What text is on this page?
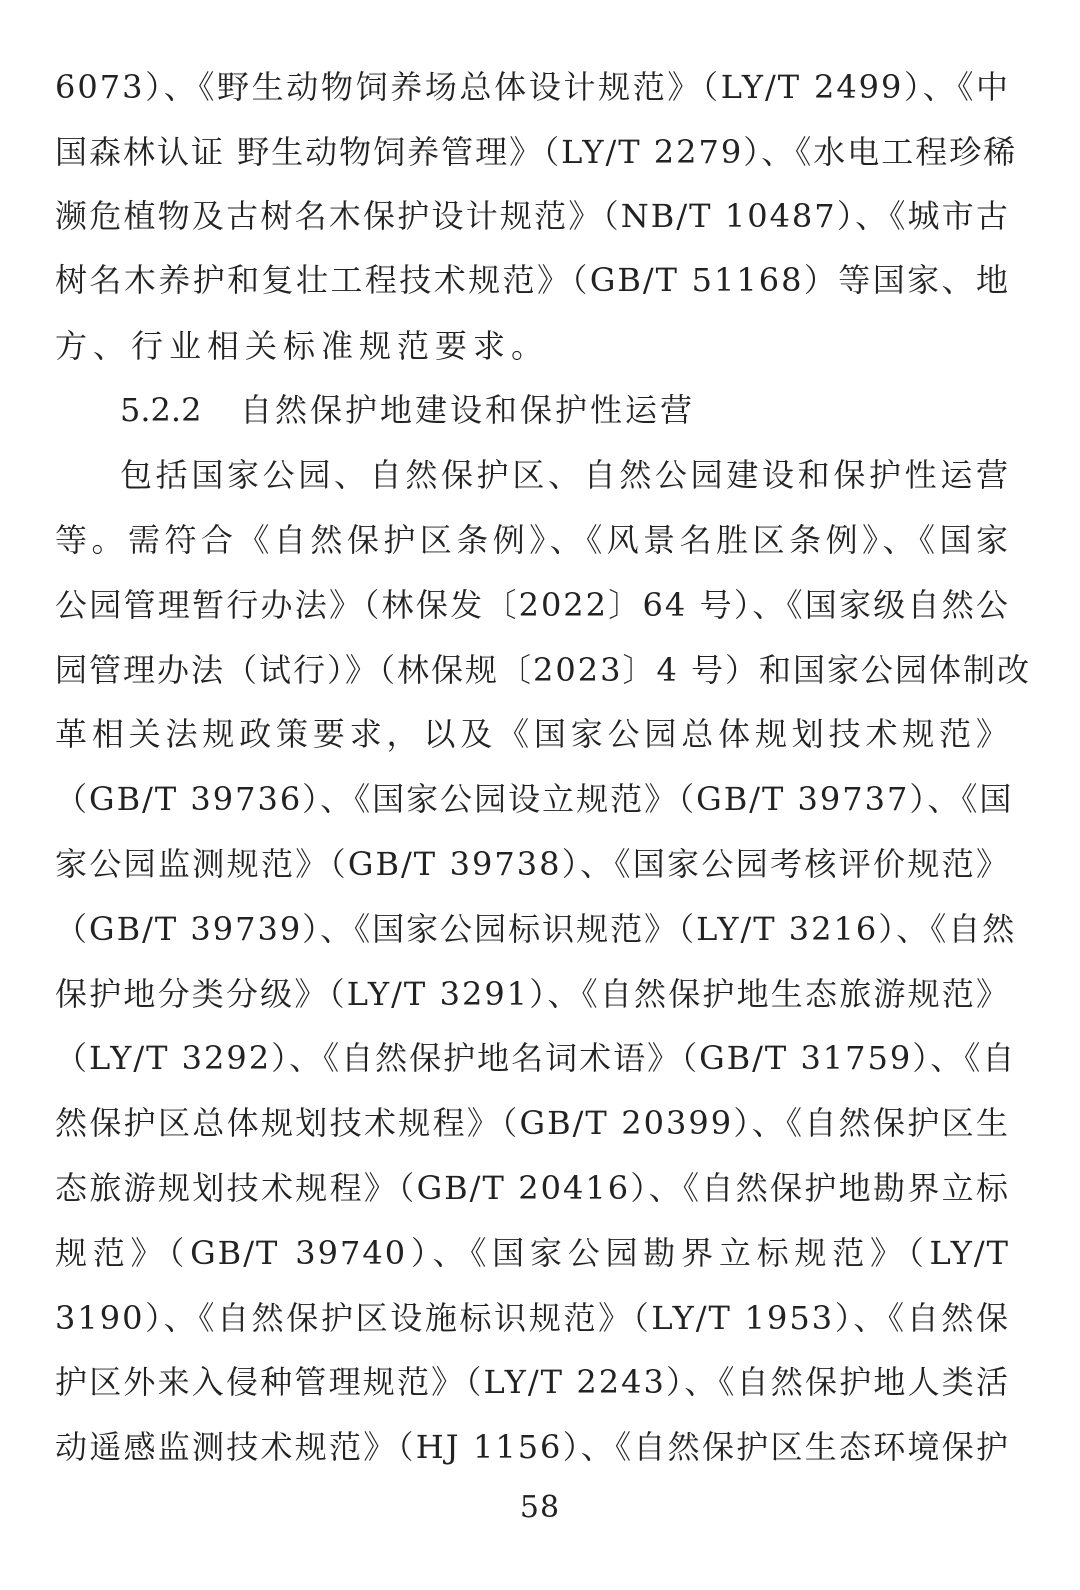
6073）、《野生动物饲养场总体设计规范》（LY/T 2499）、《中
国森林认证 野生动物饲养管理》（LY/T 2279）、《水电工程珍稀
濒危植物及古树名木保护设计规范》（NB/T 10487）、《城市古
树名木养护和复壮工程技术规范》（GB/T 51168）等国家、地
方、行业相关标准规范要求。
5.2.2 自然保护地建设和保护性运营
包括国家公园、自然保护区、自然公园建设和保护性运营
等。需符合《自然保护区条例》、《风景名胜区条例》、《国家
公园管理暂行办法》（林保发〔2022〕64 号）、《国家级自然公
园管理办法（试行）》（林保规〔2023〕4 号）和国家公园体制改
革相关法规政策要求，以及《国家公园总体规划技术规范》
（GB/T 39736）、《国家公园设立规范》（GB/T 39737）、《国
家公园监测规范》（GB/T 39738）、《国家公园考核评价规范》
（GB/T 39739）、《国家公园标识规范》（LY/T 3216）、《自然
保护地分类分级》（LY/T 3291）、《自然保护地生态旅游规范》
（LY/T 3292）、《自然保护地名词术语》（GB/T 31759）、《自
然保护区总体规划技术规程》（GB/T 20399）、《自然保护区生
态旅游规划技术规程》（GB/T 20416）、《自然保护地勘界立标
规范》（GB/T 39740）、《国家公园勘界立标规范》（LY/T
3190）、《自然保护区设施标识规范》（LY/T 1953）、《自然保
护区外来入侵种管理规范》（LY/T 2243）、《自然保护地人类活
动遥感监测技术规范》（HJ 1156）、《自然保护区生态环境保护
58
